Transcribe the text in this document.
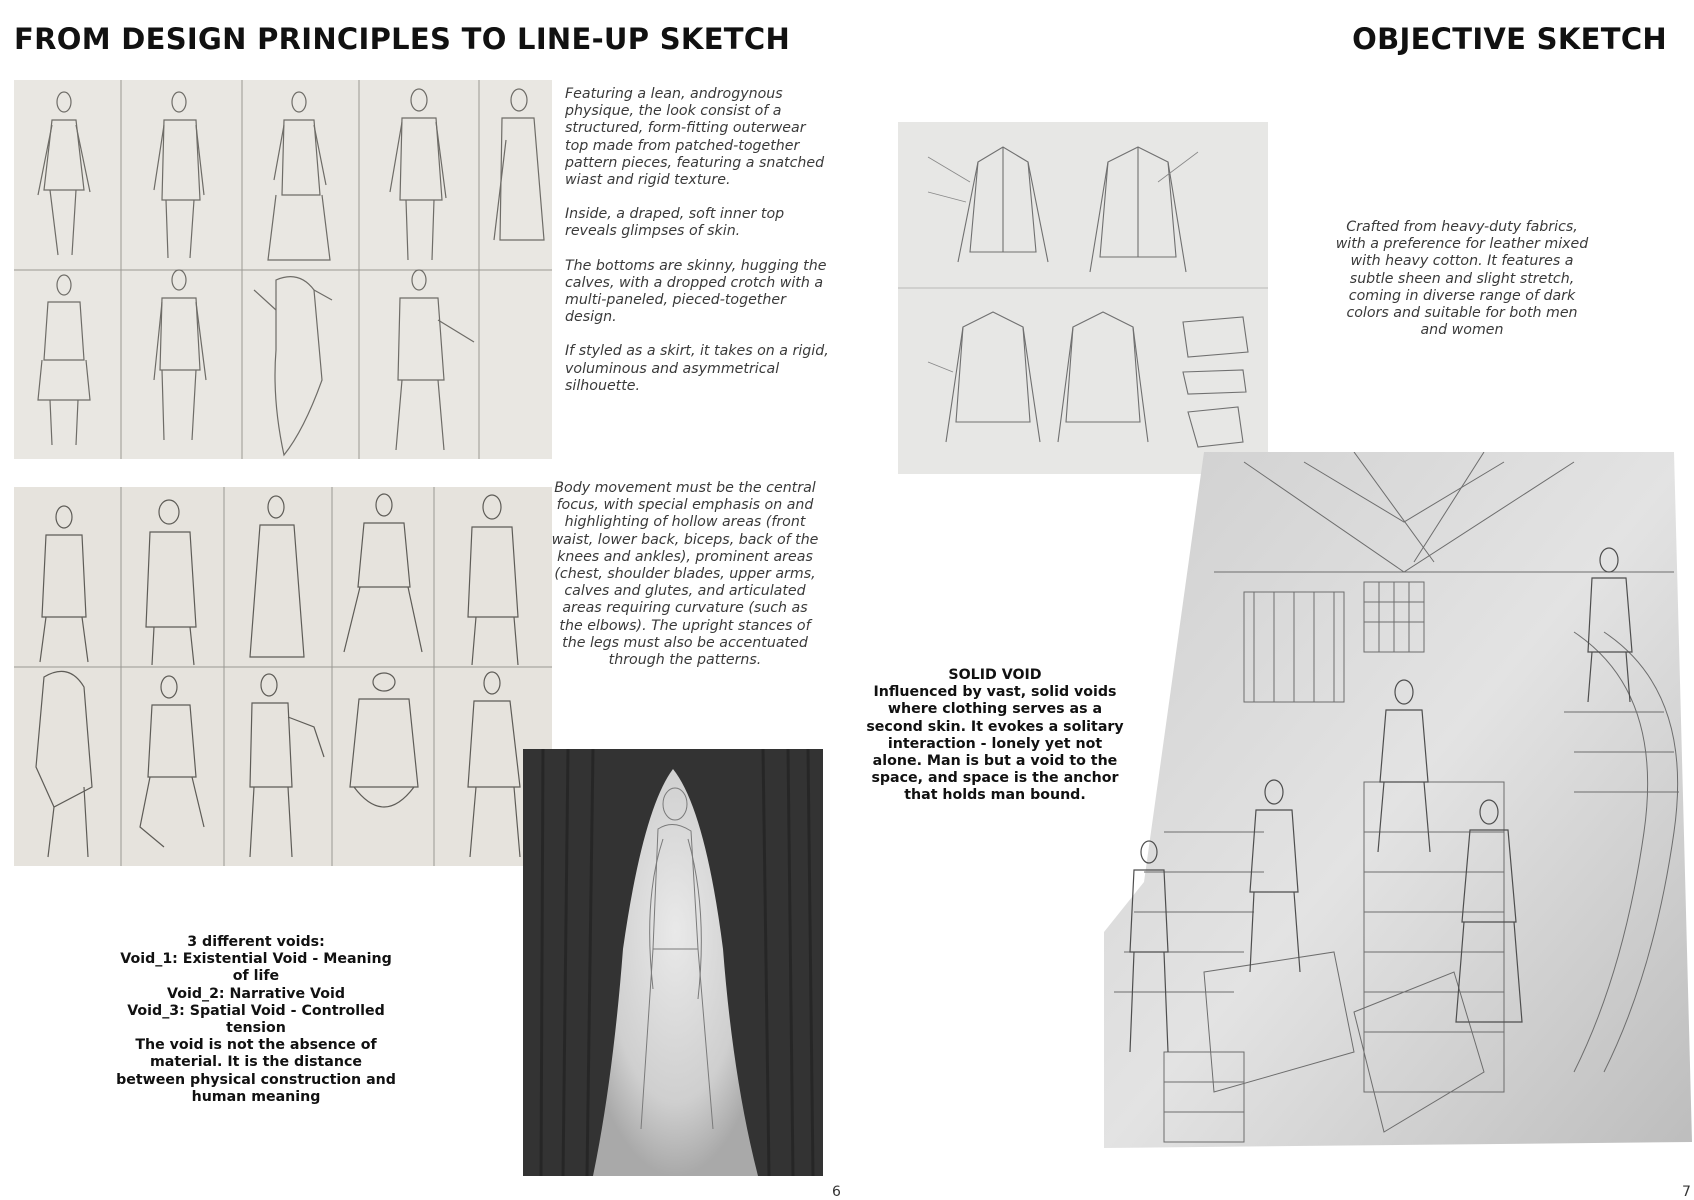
FROM DESIGN PRINCIPLES TO LINE-UP SKETCH

Featuring a lean, androgynous physique, the look consist of a structured, form-fitting outerwear top made from patched-together pattern pieces, featuring a snatched wiast and rigid texture.

Inside, a draped, soft inner top reveals glimpses of skin.

The bottoms are skinny, hugging the calves, with a dropped crotch with a multi-paneled, pieced-together design.

If styled as a skirt, it takes on a rigid, voluminous and asymmetrical silhouette.

Body movement must be the central focus, with special emphasis on and highlighting of hollow areas (front waist, lower back, biceps, back of the knees and ankles), prominent areas (chest, shoulder blades, upper arms, calves and glutes, and articulated areas requiring curvature (such as the elbows). The upright stances of the legs must also be accentuated through the patterns.
3 different voids:
Void_1: Existential Void - Meaning of life
Void_2: Narrative Void
Void_3: Spatial Void - Controlled tension
The void is not the absence of material. It is the distance between physical construction and human meaning
6
OBJECTIVE SKETCH
Crafted from heavy-duty fabrics, with a preference for leather mixed with heavy cotton. It features a subtle sheen and slight stretch, coming in diverse range of dark colors and suitable for both men and women
SOLID VOID
Influenced by vast, solid voids where clothing serves as a second skin. It evokes a solitary interaction - lonely yet not alone. Man is but a void to the space, and space is the anchor that holds man bound.
7
